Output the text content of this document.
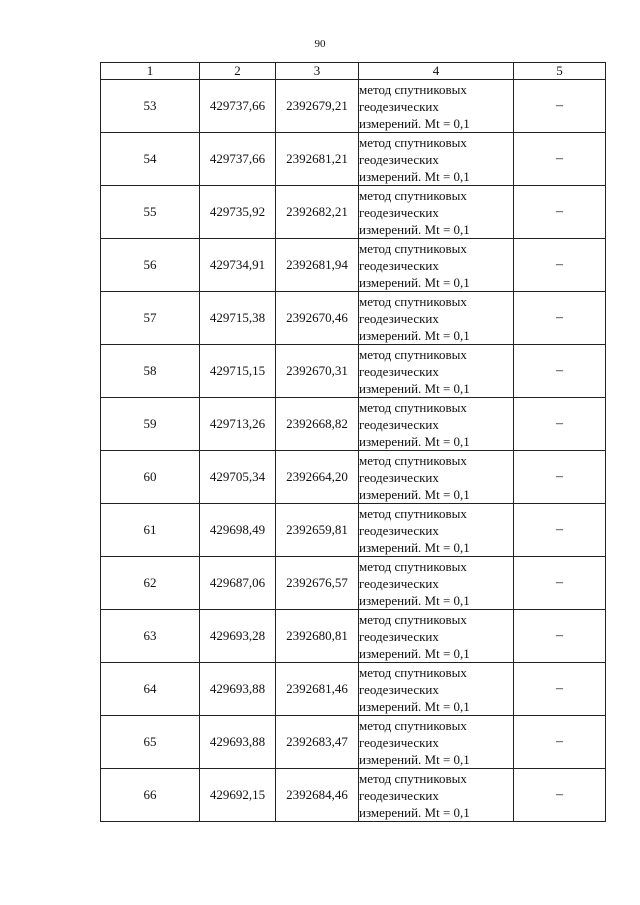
90
1	2	3	4	5
53	429737,66	2392679,21	метод спутниковых
геодезических
измерений. Mt = 0,1	–
54	429737,66	2392681,21	метод спутниковых
геодезических
измерений. Mt = 0,1	–
55	429735,92	2392682,21	метод спутниковых
геодезических
измерений. Mt = 0,1	–
56	429734,91	2392681,94	метод спутниковых
геодезических
измерений. Mt = 0,1	–
57	429715,38	2392670,46	метод спутниковых
геодезических
измерений. Mt = 0,1	–
58	429715,15	2392670,31	метод спутниковых
геодезических
измерений. Mt = 0,1	–
59	429713,26	2392668,82	метод спутниковых
геодезических
измерений. Mt = 0,1	–
60	429705,34	2392664,20	метод спутниковых
геодезических
измерений. Mt = 0,1	–
61	429698,49	2392659,81	метод спутниковых
геодезических
измерений. Mt = 0,1	–
62	429687,06	2392676,57	метод спутниковых
геодезических
измерений. Mt = 0,1	–
63	429693,28	2392680,81	метод спутниковых
геодезических
измерений. Mt = 0,1	–
64	429693,88	2392681,46	метод спутниковых
геодезических
измерений. Mt = 0,1	–
65	429693,88	2392683,47	метод спутниковых
геодезических
измерений. Mt = 0,1	–
66	429692,15	2392684,46	метод спутниковых
геодезических
измерений. Mt = 0,1	–
